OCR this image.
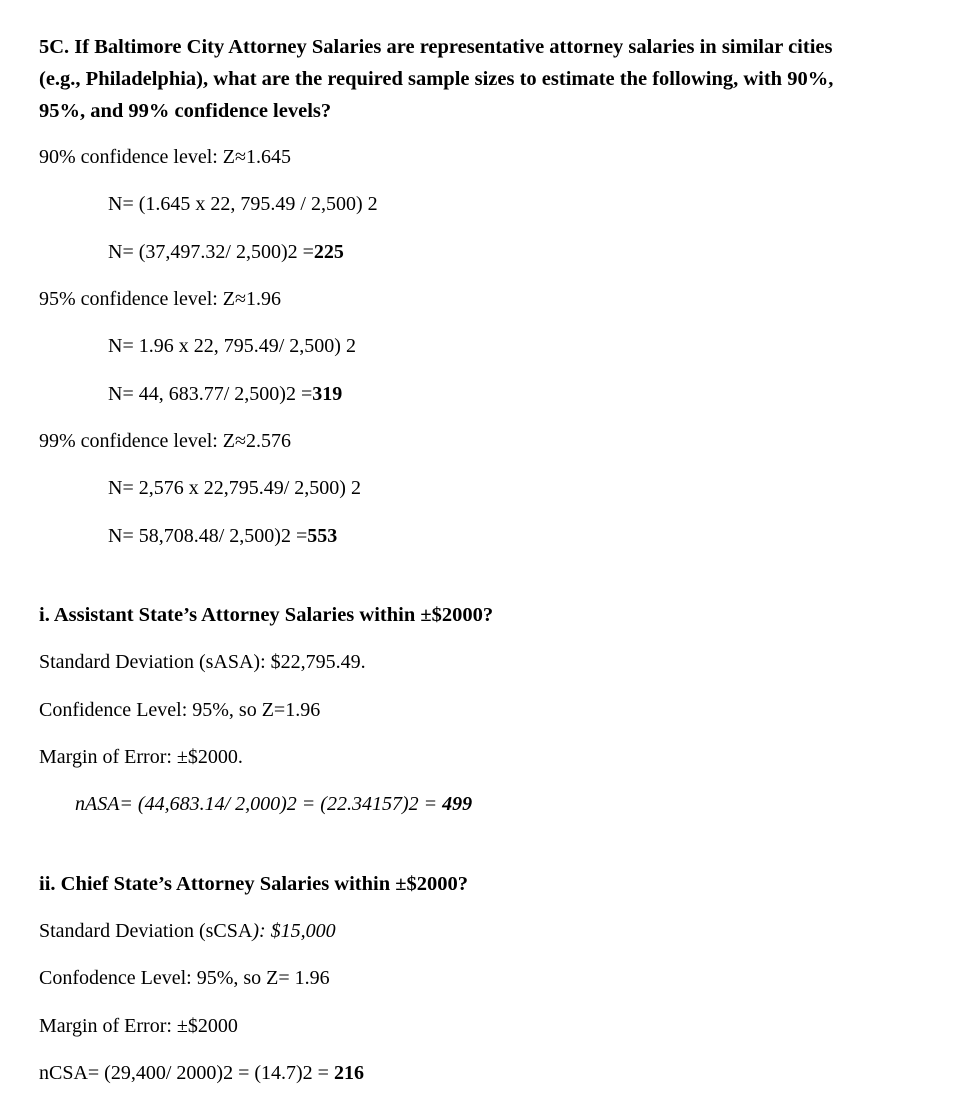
5C. If Baltimore City Attorney Salaries are representative attorney salaries in similar cities
(e.g., Philadelphia), what are the required sample sizes to estimate the following, with 90%,
95%, and 99% confidence levels?
90% confidence level: Z≈1.645
N= (1.645 x 22, 795.49 / 2,500) 2
N= (37,497.32/ 2,500)2 =225
95% confidence level: Z≈1.96
N= 1.96 x 22, 795.49/ 2,500) 2
N= 44, 683.77/ 2,500)2 =319
99% confidence level: Z≈2.576
N= 2,576 x 22,795.49/ 2,500) 2
N= 58,708.48/ 2,500)2 =553
i. Assistant State’s Attorney Salaries within ±$2000?
Standard Deviation (sASA): $22,795.49.
Confidence Level: 95%, so Z=1.96
Margin of Error: ±$2000.
nASA= (44,683.14/ 2,000)2 = (22.34157)2 = 499
ii. Chief State’s Attorney Salaries within ±$2000?
Standard Deviation (sCSA): $15,000
Confodence Level: 95%, so Z= 1.96
Margin of Error: ±$2000
nCSA= (29,400/ 2000)2 = (14.7)2 = 216
